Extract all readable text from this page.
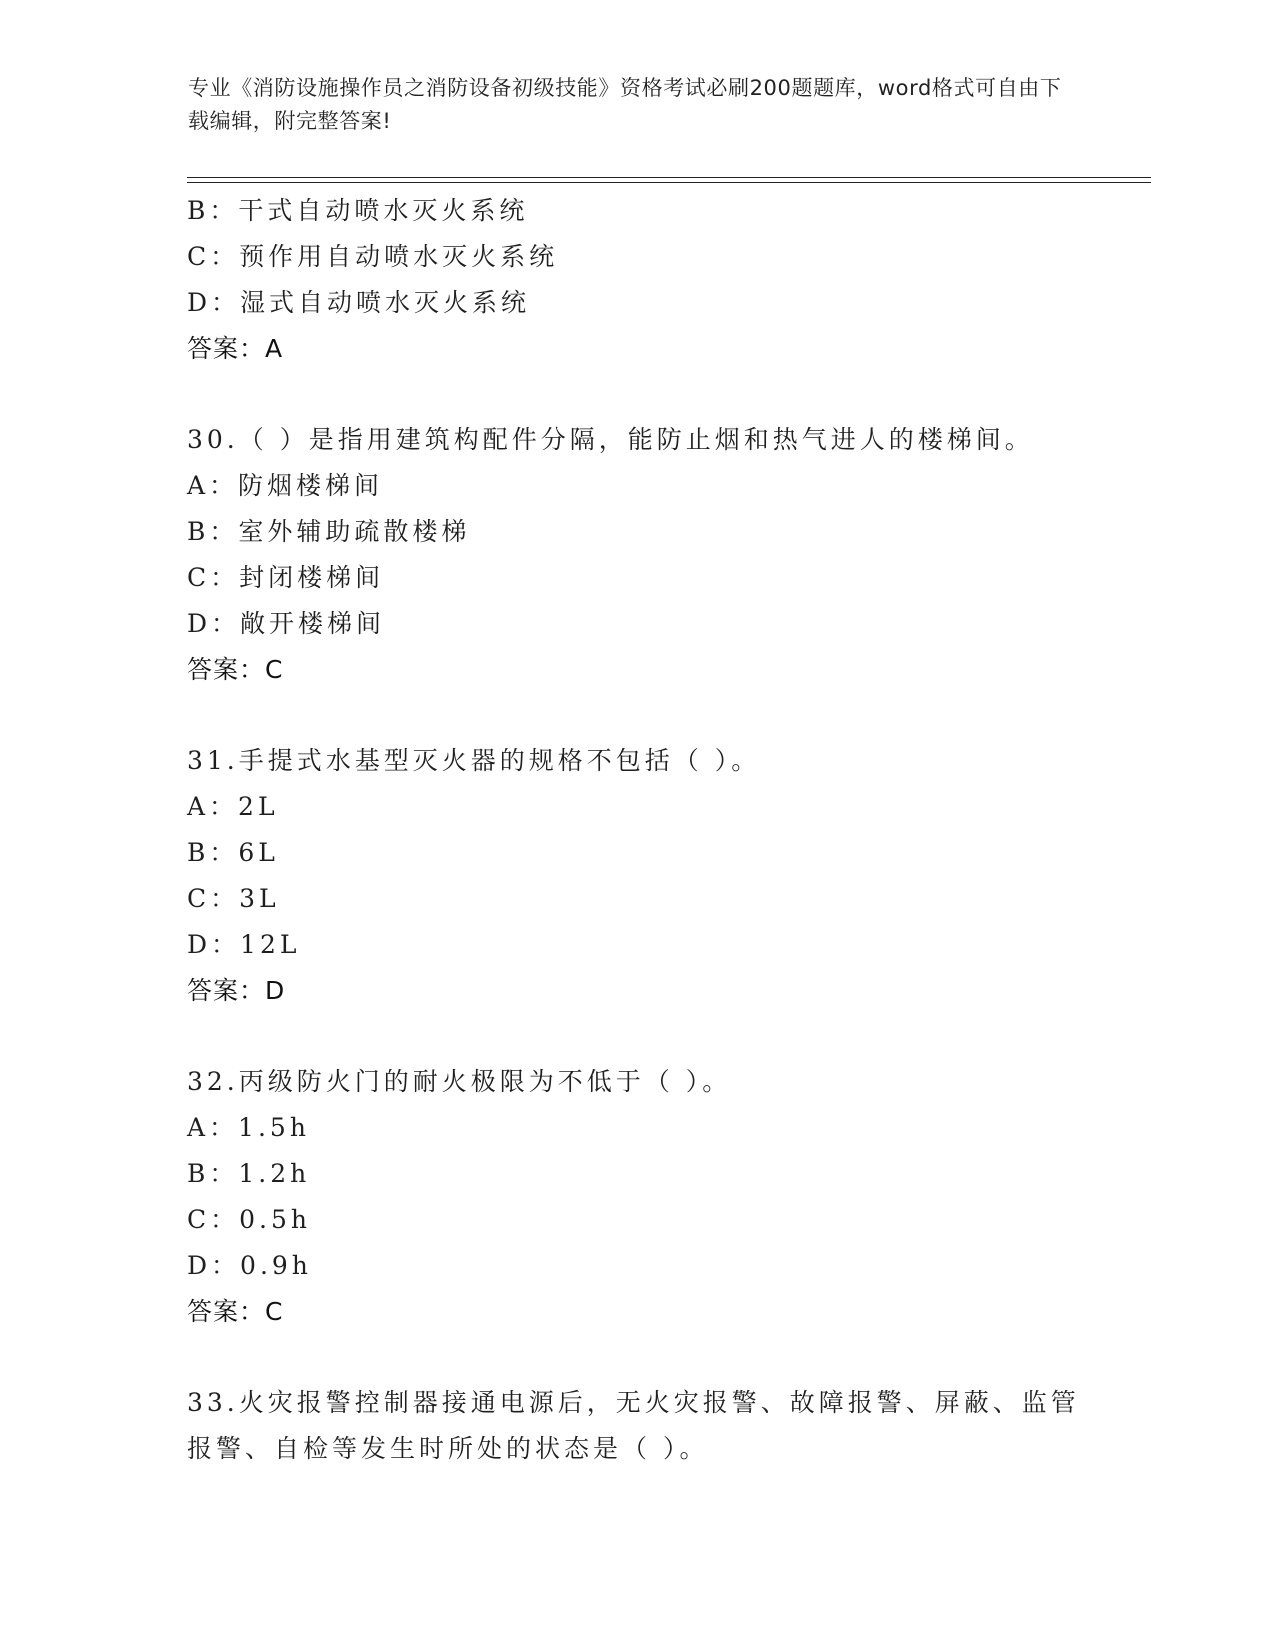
专业《消防设施操作员之消防设备初级技能》资格考试必刷200题题库，word格式可自由下载编辑，附完整答案!
B：干式自动喷水灭火系统
C：预作用自动喷水灭火系统
D：湿式自动喷水灭火系统
答案：A
30.（ ）是指用建筑构配件分隔，能防止烟和热气进人的楼梯间。
A：防烟楼梯间
B：室外辅助疏散楼梯
C：封闭楼梯间
D：敞开楼梯间
答案：C
31.手提式水基型灭火器的规格不包括（ ）。
A：2L
B：6L
C：3L
D：12L
答案：D
32.丙级防火门的耐火极限为不低于（ ）。
A：1.5h
B：1.2h
C：0.5h
D：0.9h
答案：C
33.火灾报警控制器接通电源后，无火灾报警、故障报警、屏蔽、监管
报警、自检等发生时所处的状态是（ ）。
